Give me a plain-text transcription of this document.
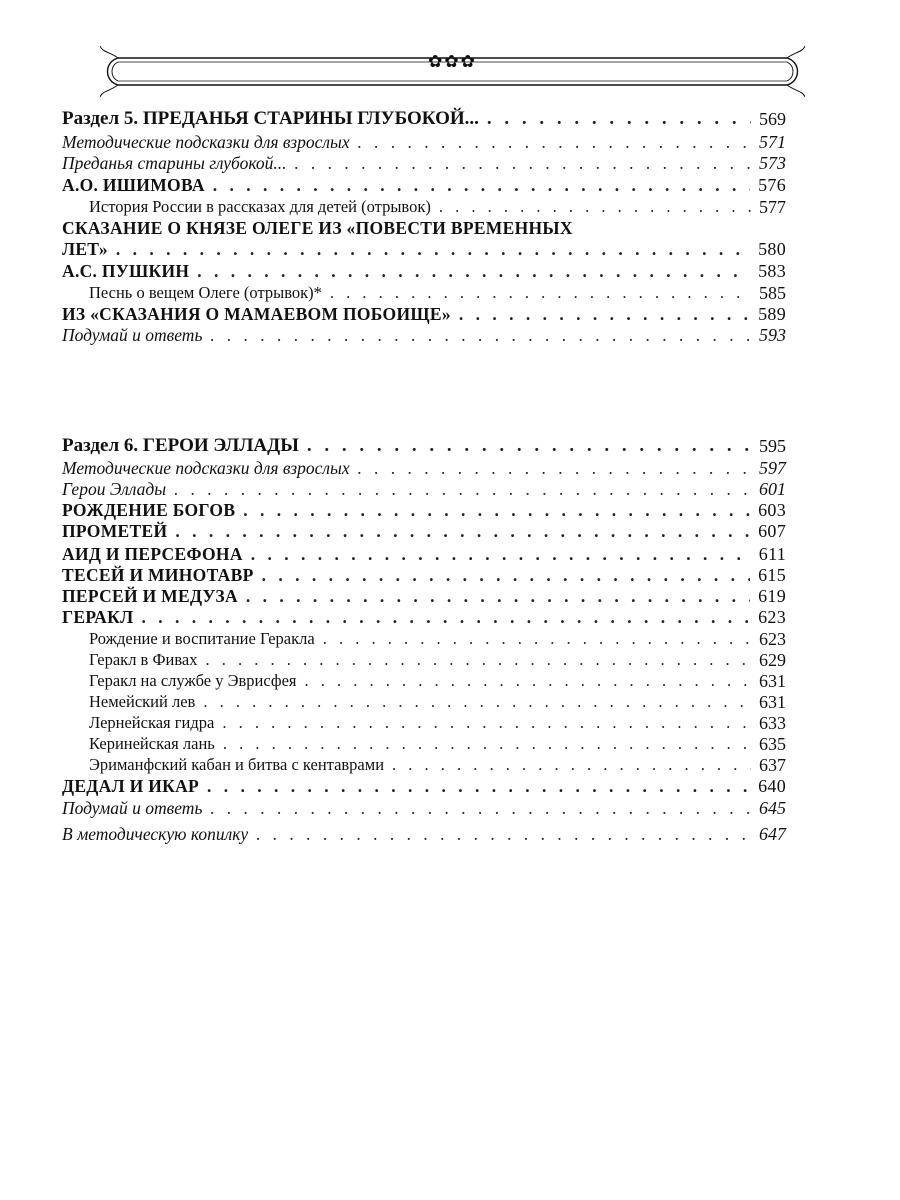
✿✿✿
Раздел 5. ПРЕДАНЬЯ СТАРИНЫ ГЛУБОКОЙ... . . .	569
Методические подсказки для взрослых . . .	571
Преданья старины глубокой... . . .	573
А.О. ИШИМОВА . . .	576
История России в рассказах для детей (отрывок) . . .	577
СКАЗАНИЕ О КНЯЗЕ ОЛЕГЕ ИЗ «ПОВЕСТИ ВРЕМЕННЫХ
ЛЕТ» . . .	580
А.С. ПУШКИН . . .	583
Песнь о вещем Олеге (отрывок)* . . .	585
ИЗ «СКАЗАНИЯ О МАМАЕВОМ ПОБОИЩЕ» . . .	589
Подумай и ответь . . .	593
Раздел 6. ГЕРОИ ЭЛЛАДЫ . . .	595
Методические подсказки для взрослых . . .	597
Герои Эллады . . .	601
РОЖДЕНИЕ БОГОВ . . .	603
ПРОМЕТЕЙ . . .	607
АИД И ПЕРСЕФОНА . . .	611
ТЕСЕЙ И МИНОТАВР . . .	615
ПЕРСЕЙ И МЕДУЗА . . .	619
ГЕРАКЛ . . .	623
Рождение и воспитание Геракла . . .	623
Геракл в Фивах . . .	629
Геракл на службе у Эврисфея . . .	631
Немейский лев . . .	631
Лернейская гидра . . .	633
Керинейская лань . . .	635
Эриманфский кабан и битва с кентаврами . . .	637
ДЕДАЛ И ИКАР . . .	640
Подумай и ответь . . .	645
В методическую копилку . . .	647
